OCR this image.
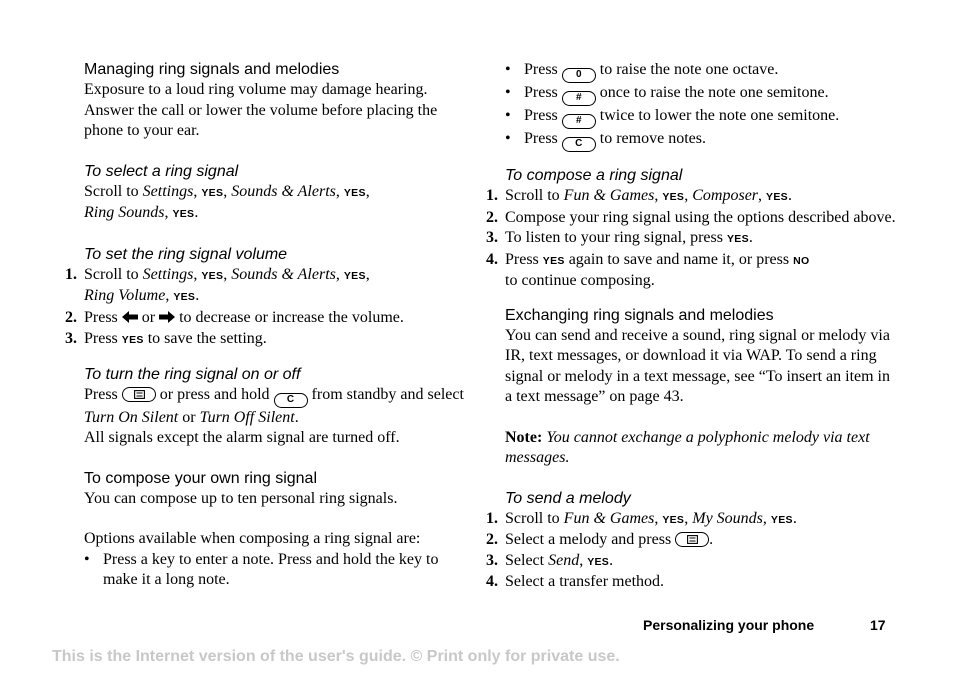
Managing ring signals and melodies

Exposure to a loud ring volume may damage hearing. Answer the call or lower the volume before placing the phone to your ear.

To select a ring signal

Scroll to Settings, YES, Sounds & Alerts, YES,
Ring Sounds, YES.

To set the ring signal volume

1. Scroll to Settings, YES, Sounds & Alerts, YES,
Ring Volume, YES.
2. Press  or  to decrease or increase the volume.
3. Press YES to save the setting.

To turn the ring signal on or off

Press
or press and hold C from standby and select Turn On Silent or Turn Off Silent.
All signals except the alarm signal are turned off.

To compose your own ring signal

You can compose up to ten personal ring signals.

Options available when composing a ring signal are:

• Press a key to enter a note. Press and hold the key to make it a long note.
• Press 0 to raise the note one octave.
• Press # once to raise the note one semitone.
• Press # twice to lower the note one semitone.
• Press C to remove notes.

To compose a ring signal

1. Scroll to Fun & Games, YES, Composer, YES.
2. Compose your ring signal using the options described above.
3. To listen to your ring signal, press YES.
4. Press YES again to save and name it, or press NO
to continue composing.

Exchanging ring signals and melodies

You can send and receive a sound, ring signal or melody via IR, text messages, or download it via WAP. To send a ring signal or melody in a text message, see “To insert an item in a text message” on page 43.

Note: You cannot exchange a polyphonic melody via text messages.

To send a melody

1. Scroll to Fun & Games, YES, My Sounds, YES.
2. Select a melody and press
.
3. Select Send, YES.
4. Select a transfer method.
Personalizing your phone	17
This is the Internet version of the user's guide. © Print only for private use.
